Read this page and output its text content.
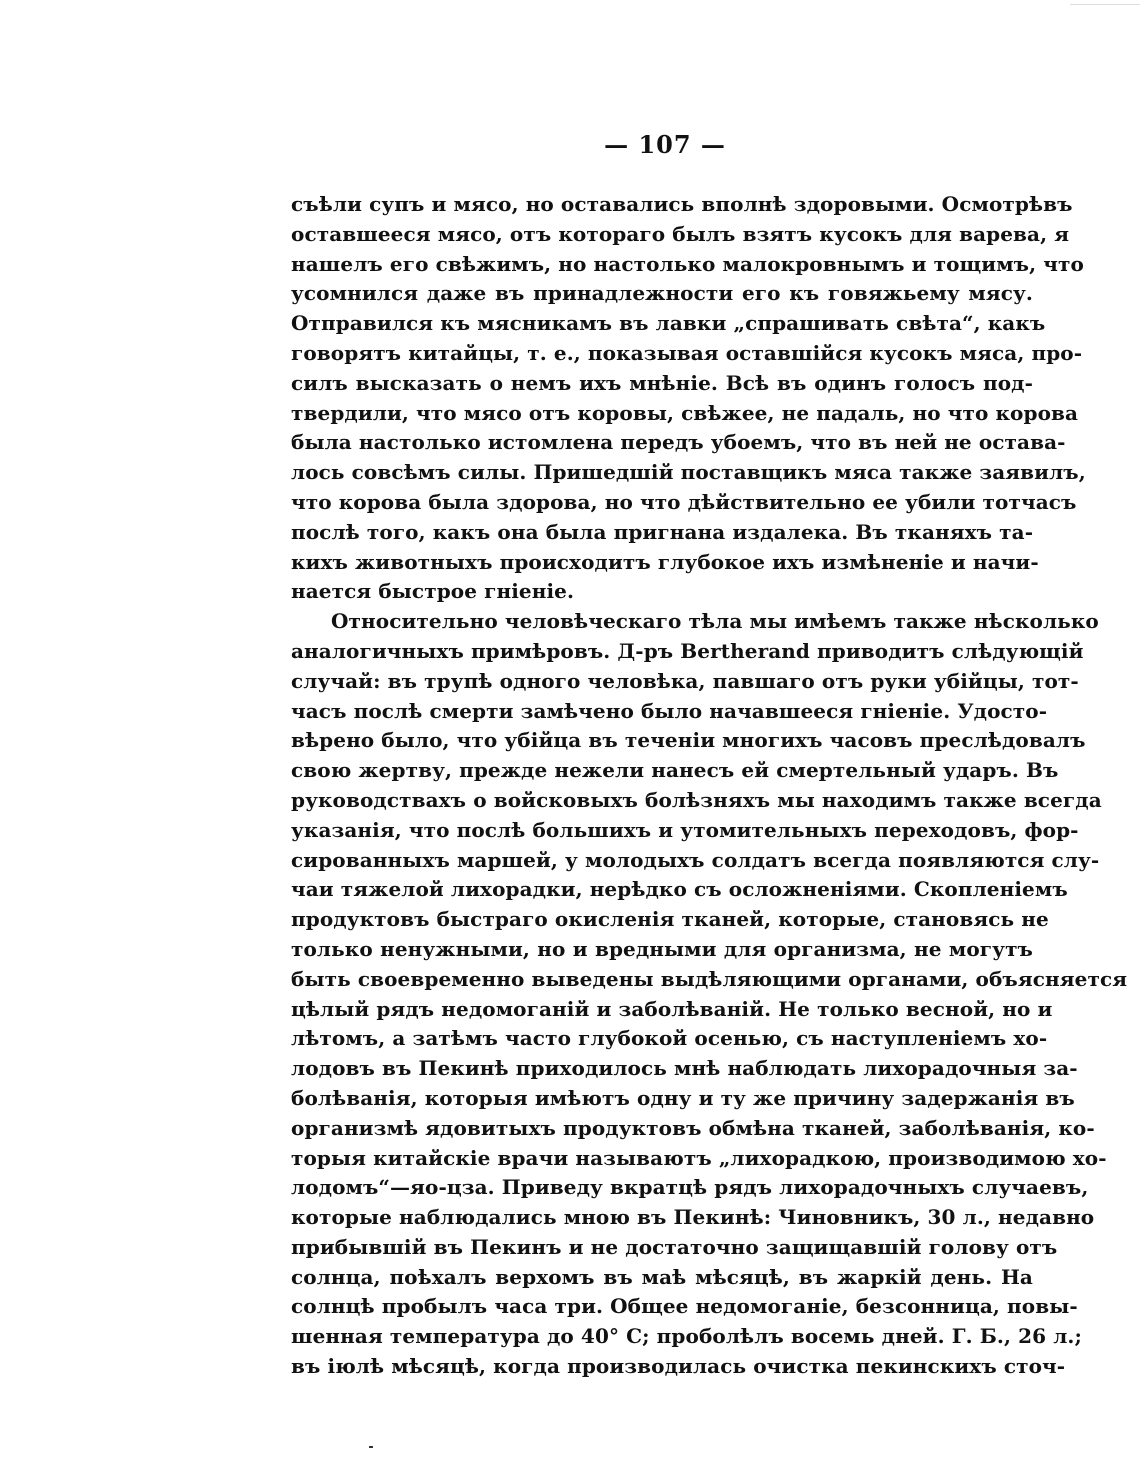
— 107 —
съѣли супъ и мясо, но оставались вполнѣ здоровыми. Осмотрѣвъ
оставшееся мясо, отъ котораго былъ взятъ кусокъ для варева, я
нашелъ его свѣжимъ, но настолько малокровнымъ и тощимъ, что
усомнился даже въ принадлежности его къ говяжьему мясу.
Отправился къ мясникамъ въ лавки „спрашивать свѣта“, какъ
говорятъ китайцы, т. е., показывая оставшійся кусокъ мяса, про-
силъ высказать о немъ ихъ мнѣніе. Всѣ въ одинъ голосъ под-
твердили, что мясо отъ коровы, свѣжее, не падаль, но что корова
была настолько истомлена передъ убоемъ, что въ ней не остава-
лось совсѣмъ силы. Пришедшій поставщикъ мяса также заявилъ,
что корова была здорова, но что дѣйствительно ее убили тотчасъ
послѣ того, какъ она была пригнана издалека. Въ тканяхъ та-
кихъ животныхъ происходитъ глубокое ихъ измѣненіе и начи-
нается быстрое гніеніе.
Относительно человѣческаго тѣла мы имѣемъ также нѣсколько
аналогичныхъ примѣровъ. Д-ръ Bertherand приводитъ слѣдующій
случай: въ трупѣ одного человѣка, павшаго отъ руки убійцы, тот-
часъ послѣ смерти замѣчено было начавшееся гніеніе. Удосто-
вѣрено было, что убійца въ теченіи многихъ часовъ преслѣдовалъ
свою жертву, прежде нежели нанесъ ей смертельный ударъ. Въ
руководствахъ о войсковыхъ болѣзняхъ мы находимъ также всегда
указанія, что послѣ большихъ и утомительныхъ переходовъ, фор-
сированныхъ маршей, у молодыхъ солдатъ всегда появляются слу-
чаи тяжелой лихорадки, нерѣдко съ осложненіями. Скопленіемъ
продуктовъ быстраго окисленія тканей, которые, становясь не
только ненужными, но и вредными для организма, не могутъ
быть своевременно выведены выдѣляющими органами, объясняется
цѣлый рядъ недомоганій и заболѣваній. Не только весной, но и
лѣтомъ, а затѣмъ часто глубокой осенью, съ наступленіемъ хо-
лодовъ въ Пекинѣ приходилось мнѣ наблюдать лихорадочныя за-
болѣванія, которыя имѣютъ одну и ту же причину задержанія въ
организмѣ ядовитыхъ продуктовъ обмѣна тканей, заболѣванія, ко-
торыя китайскіе врачи называютъ „лихорадкою, производимою хо-
лодомъ“—яо-цза. Приведу вкратцѣ рядъ лихорадочныхъ случаевъ,
которые наблюдались мною въ Пекинѣ: Чиновникъ, 30 л., недавно
прибывшій въ Пекинъ и не достаточно защищавшій голову отъ
солнца, поѣхалъ верхомъ въ маѣ мѣсяцѣ, въ жаркій день. На
солнцѣ пробылъ часа три. Общее недомоганіе, безсонница, повы-
шенная температура до 40° С; проболѣлъ восемь дней. Г. Б., 26 л.;
въ іюлѣ мѣсяцѣ, когда производилась очистка пекинскихъ сточ-
